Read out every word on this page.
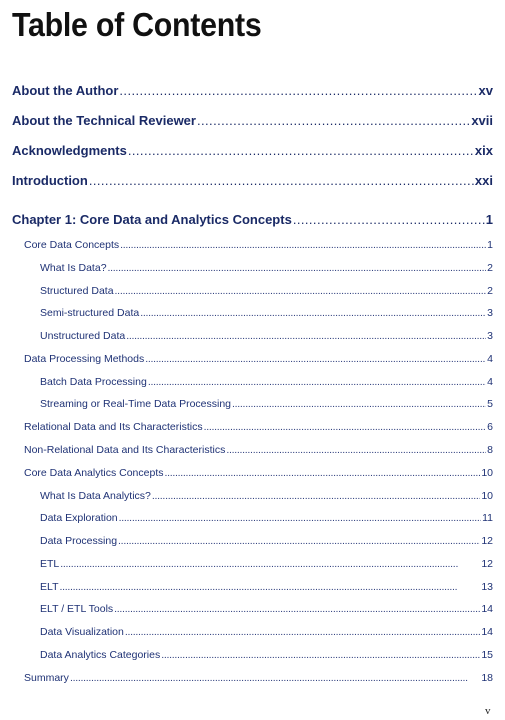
Table of Contents
About the Author . . .	xv
About the Technical Reviewer . . .	xvii
Acknowledgments . . .	xix
Introduction . . .	xxi
Chapter 1: Core Data and Analytics Concepts . . .	1
Core Data Concepts . . .	1
What Is Data? . . .	2
Structured Data . . .	2
Semi-structured Data . . .	3
Unstructured Data . . .	3
Data Processing Methods . . .	4
Batch Data Processing . . .	4
Streaming or Real-Time Data Processing . . .	5
Relational Data and Its Characteristics . . .	6
Non-Relational Data and Its Characteristics . . .	8
Core Data Analytics Concepts . . .	10
What Is Data Analytics? . . .	10
Data Exploration . . .	11
Data Processing . . .	12
ETL . . .	12
ELT . . .	13
ELT / ETL Tools . . .	14
Data Visualization . . .	14
Data Analytics Categories . . .	15
Summary . . .	18
v
